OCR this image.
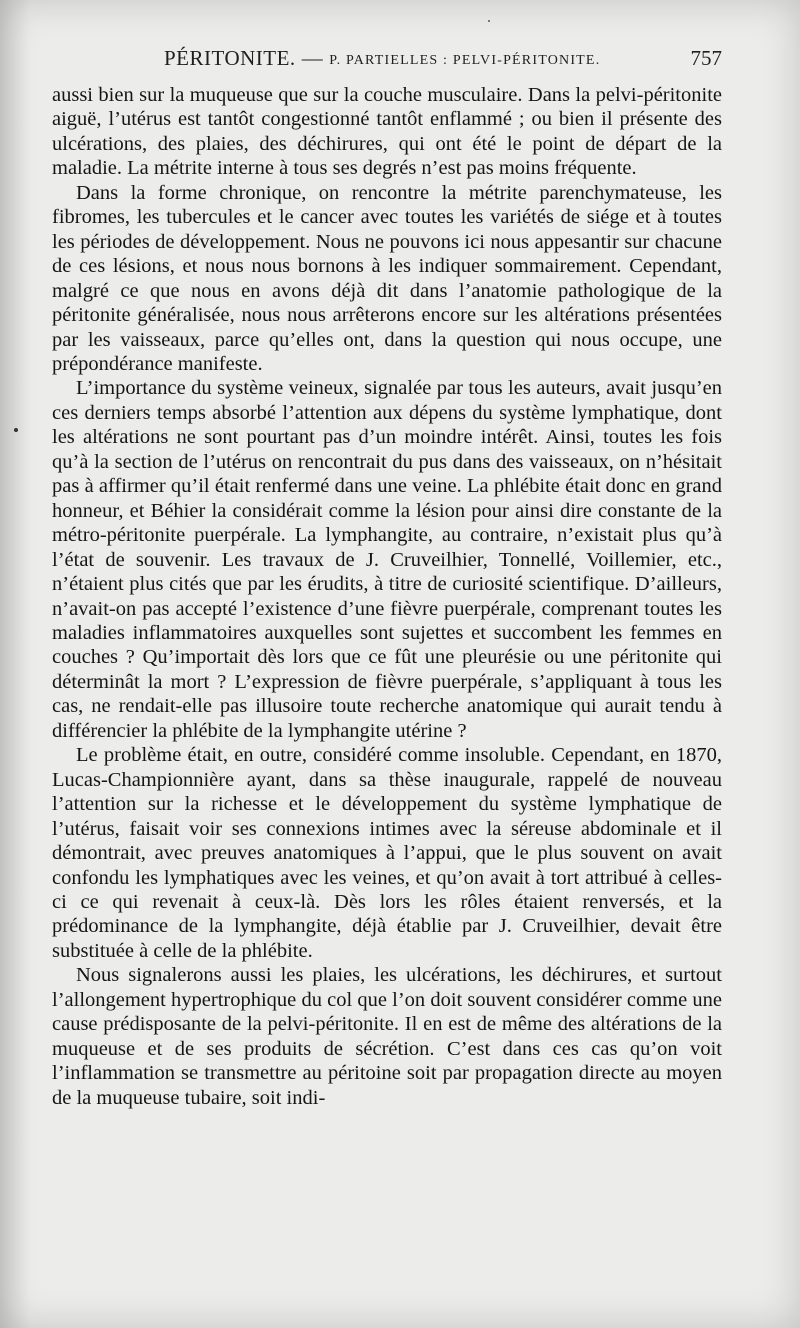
PÉRITONITE. — P. PARTIELLES : PELVI-PÉRITONITE.	757

aussi bien sur la muqueuse que sur la couche musculaire. Dans la pelvi-péritonite aiguë, l’utérus est tantôt congestionné tantôt enflammé ; ou bien il présente des ulcérations, des plaies, des déchirures, qui ont été le point de départ de la maladie. La métrite interne à tous ses degrés n’est pas moins fréquente.

Dans la forme chronique, on rencontre la métrite parenchymateuse, les fibromes, les tubercules et le cancer avec toutes les variétés de siége et à toutes les périodes de développement. Nous ne pouvons ici nous appesantir sur chacune de ces lésions, et nous nous bornons à les indiquer sommairement. Cependant, malgré ce que nous en avons déjà dit dans l’anatomie pathologique de la péritonite généralisée, nous nous arrêterons encore sur les altérations présentées par les vaisseaux, parce qu’elles ont, dans la question qui nous occupe, une prépondérance manifeste.

L’importance du système veineux, signalée par tous les auteurs, avait jusqu’en ces derniers temps absorbé l’attention aux dépens du système lymphatique, dont les altérations ne sont pourtant pas d’un moindre intérêt. Ainsi, toutes les fois qu’à la section de l’utérus on rencontrait du pus dans des vaisseaux, on n’hésitait pas à affirmer qu’il était renfermé dans une veine. La phlébite était donc en grand honneur, et Béhier la considérait comme la lésion pour ainsi dire constante de la métro-péritonite puerpérale. La lymphangite, au contraire, n’existait plus qu’à l’état de souvenir. Les travaux de J. Cruveilhier, Tonnellé, Voillemier, etc., n’étaient plus cités que par les érudits, à titre de curiosité scientifique. D’ailleurs, n’avait-on pas accepté l’existence d’une fièvre puerpérale, comprenant toutes les maladies inflammatoires auxquelles sont sujettes et succombent les femmes en couches ? Qu’importait dès lors que ce fût une pleurésie ou une péritonite qui déterminât la mort ? L’expression de fièvre puerpérale, s’appliquant à tous les cas, ne rendait-elle pas illusoire toute recherche anatomique qui aurait tendu à différencier la phlébite de la lymphangite utérine ?

Le problème était, en outre, considéré comme insoluble. Cependant, en 1870, Lucas-Championnière ayant, dans sa thèse inaugurale, rappelé de nouveau l’attention sur la richesse et le développement du système lymphatique de l’utérus, faisait voir ses connexions intimes avec la séreuse abdominale et il démontrait, avec preuves anatomiques à l’appui, que le plus souvent on avait confondu les lymphatiques avec les veines, et qu’on avait à tort attribué à celles-ci ce qui revenait à ceux-là. Dès lors les rôles étaient renversés, et la prédominance de la lymphangite, déjà établie par J. Cruveilhier, devait être substituée à celle de la phlébite.

Nous signalerons aussi les plaies, les ulcérations, les déchirures, et surtout l’allongement hypertrophique du col que l’on doit souvent considérer comme une cause prédisposante de la pelvi-péritonite. Il en est de même des altérations de la muqueuse et de ses produits de sécrétion. C’est dans ces cas qu’on voit l’inflammation se transmettre au péritoine soit par propagation directe au moyen de la muqueuse tubaire, soit indi-
